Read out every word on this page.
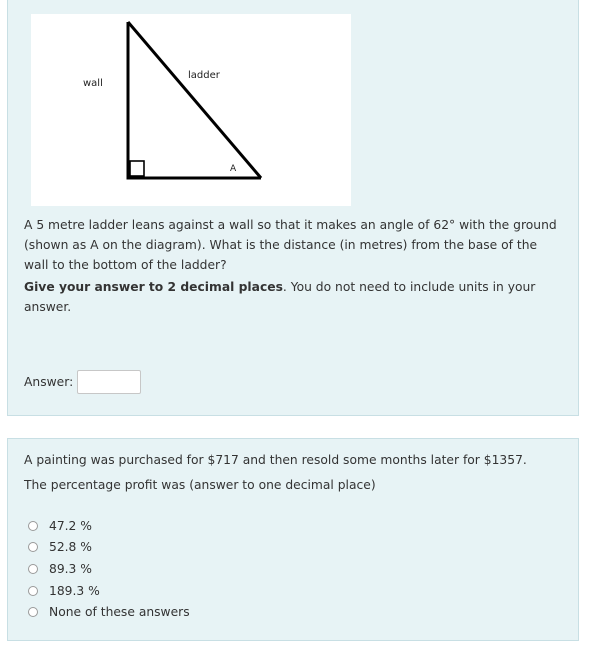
wall
ladder
A

A 5 metre ladder leans against a wall so that it makes an angle of 62° with the ground (shown as A on the diagram). What is the distance (in metres) from the base of the wall to the bottom of the ladder?

Give your answer to 2 decimal places. You do not need to include units in your answer.

Answer:

A painting was purchased for $717 and then resold some months later for $1357.

The percentage profit was (answer to one decimal place)

47.2 %
52.8 %
89.3 %
189.3 %
None of these answers
